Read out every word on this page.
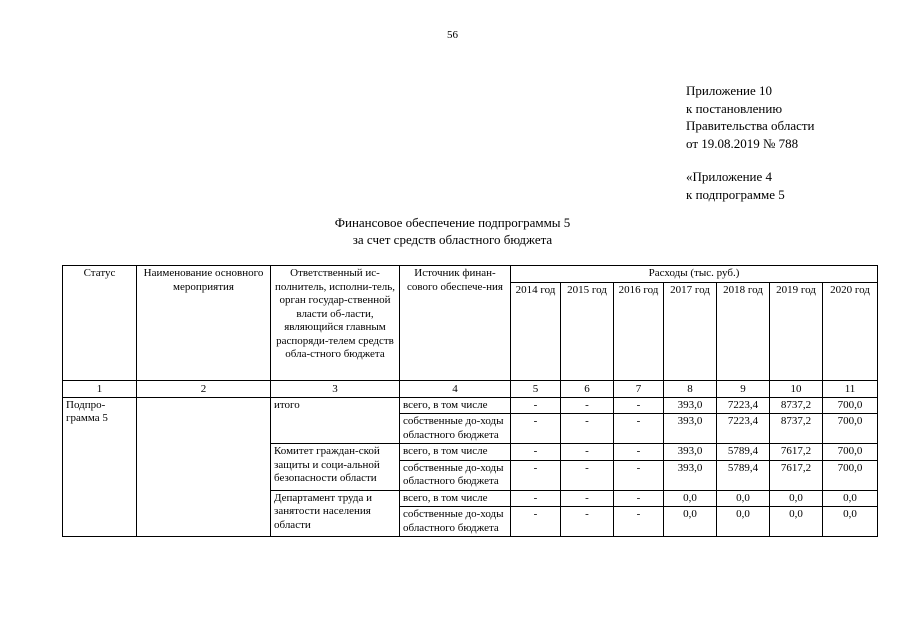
56
Приложение 10
к постановлению
Правительства области
от 19.08.2019 № 788
«Приложение 4
к подпрограмме 5
Финансовое обеспечение подпрограммы 5
за счет средств областного бюджета
Статус	Наименование основного мероприятия	Ответственный ис-полнитель, исполни-тель, орган государ-ственной власти об-ласти, являющийся главным распоряди-телем средств обла-стного бюджета	Источник финан-сового обеспече-ния	Расходы (тыс. руб.)						
				2014 год	2015 год	2016 год	2017 год	2018 год	2019 год	2020 год
1	2	3	4	5	6	7	8	9	10	11
Подпро-грамма 5		итого	всего, в том числе	-	-	-	393,0	7223,4	8737,2	700,0
			собственные до-ходы областного бюджета	-	-	-	393,0	7223,4	8737,2	700,0
		Комитет граждан-ской защиты и соци-альной безопасности области	всего, в том числе	-	-	-	393,0	5789,4	7617,2	700,0
			собственные до-ходы областного бюджета	-	-	-	393,0	5789,4	7617,2	700,0
		Департамент труда и занятости населения области	всего, в том числе	-	-	-	0,0	0,0	0,0	0,0
			собственные до-ходы областного бюджета	-	-	-	0,0	0,0	0,0	0,0
